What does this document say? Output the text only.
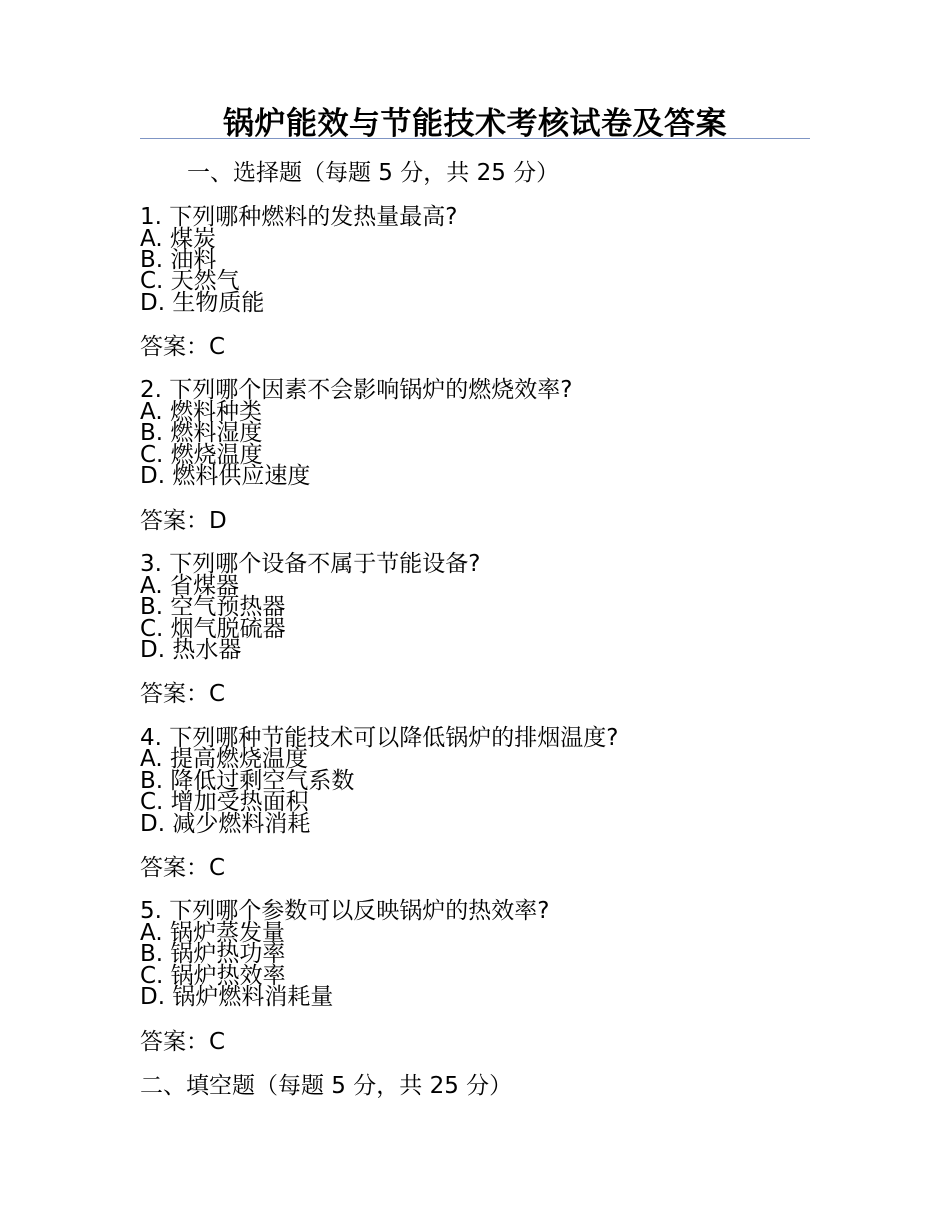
锅炉能效与节能技术考核试卷及答案
一、选择题（每题 5 分，共 25 分）
1. 下列哪种燃料的发热量最高?
A. 煤炭
B. 油料
C. 天然气
D. 生物质能
答案：C
2. 下列哪个因素不会影响锅炉的燃烧效率?
A. 燃料种类
B. 燃料湿度
C. 燃烧温度
D. 燃料供应速度
答案：D
3. 下列哪个设备不属于节能设备?
A. 省煤器
B. 空气预热器
C. 烟气脱硫器
D. 热水器
答案：C
4. 下列哪种节能技术可以降低锅炉的排烟温度?
A. 提高燃烧温度
B. 降低过剩空气系数
C. 增加受热面积
D. 减少燃料消耗
答案：C
5. 下列哪个参数可以反映锅炉的热效率?
A. 锅炉蒸发量
B. 锅炉热功率
C. 锅炉热效率
D. 锅炉燃料消耗量
答案：C
二、填空题（每题 5 分，共 25 分）
